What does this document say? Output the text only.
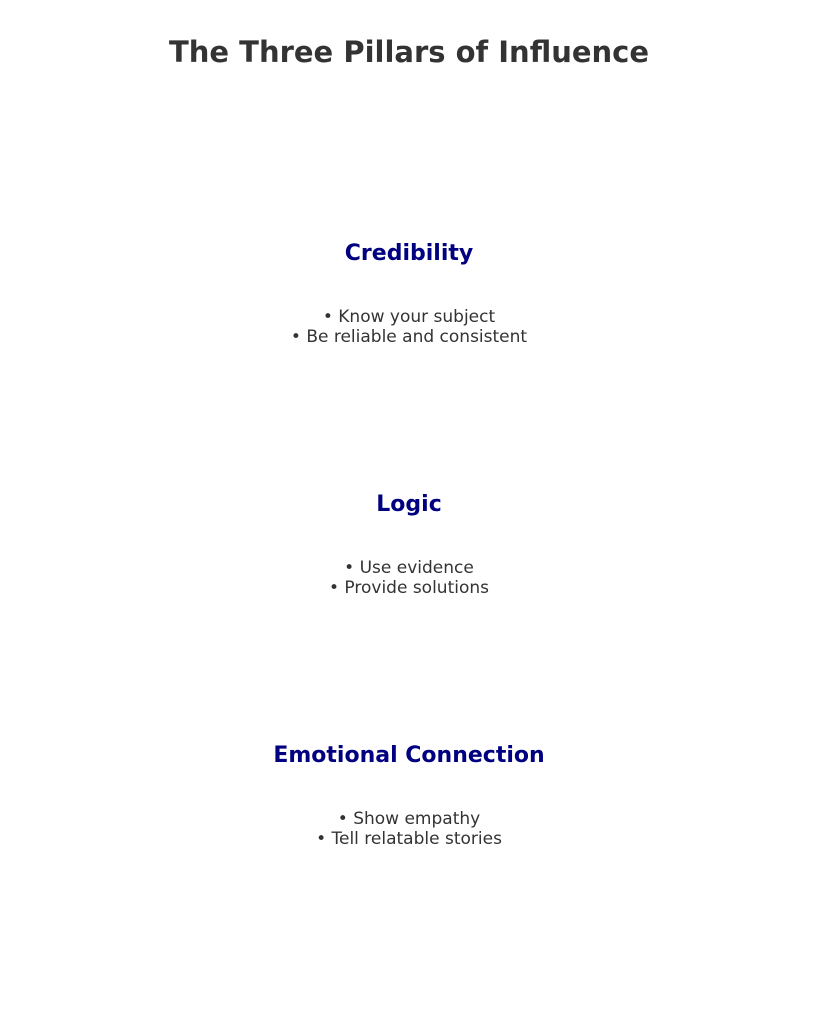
The Three Pillars of Influence
Credibility
• Know your subject
• Be reliable and consistent
Logic
• Use evidence
• Provide solutions
Emotional Connection
• Show empathy
• Tell relatable stories
